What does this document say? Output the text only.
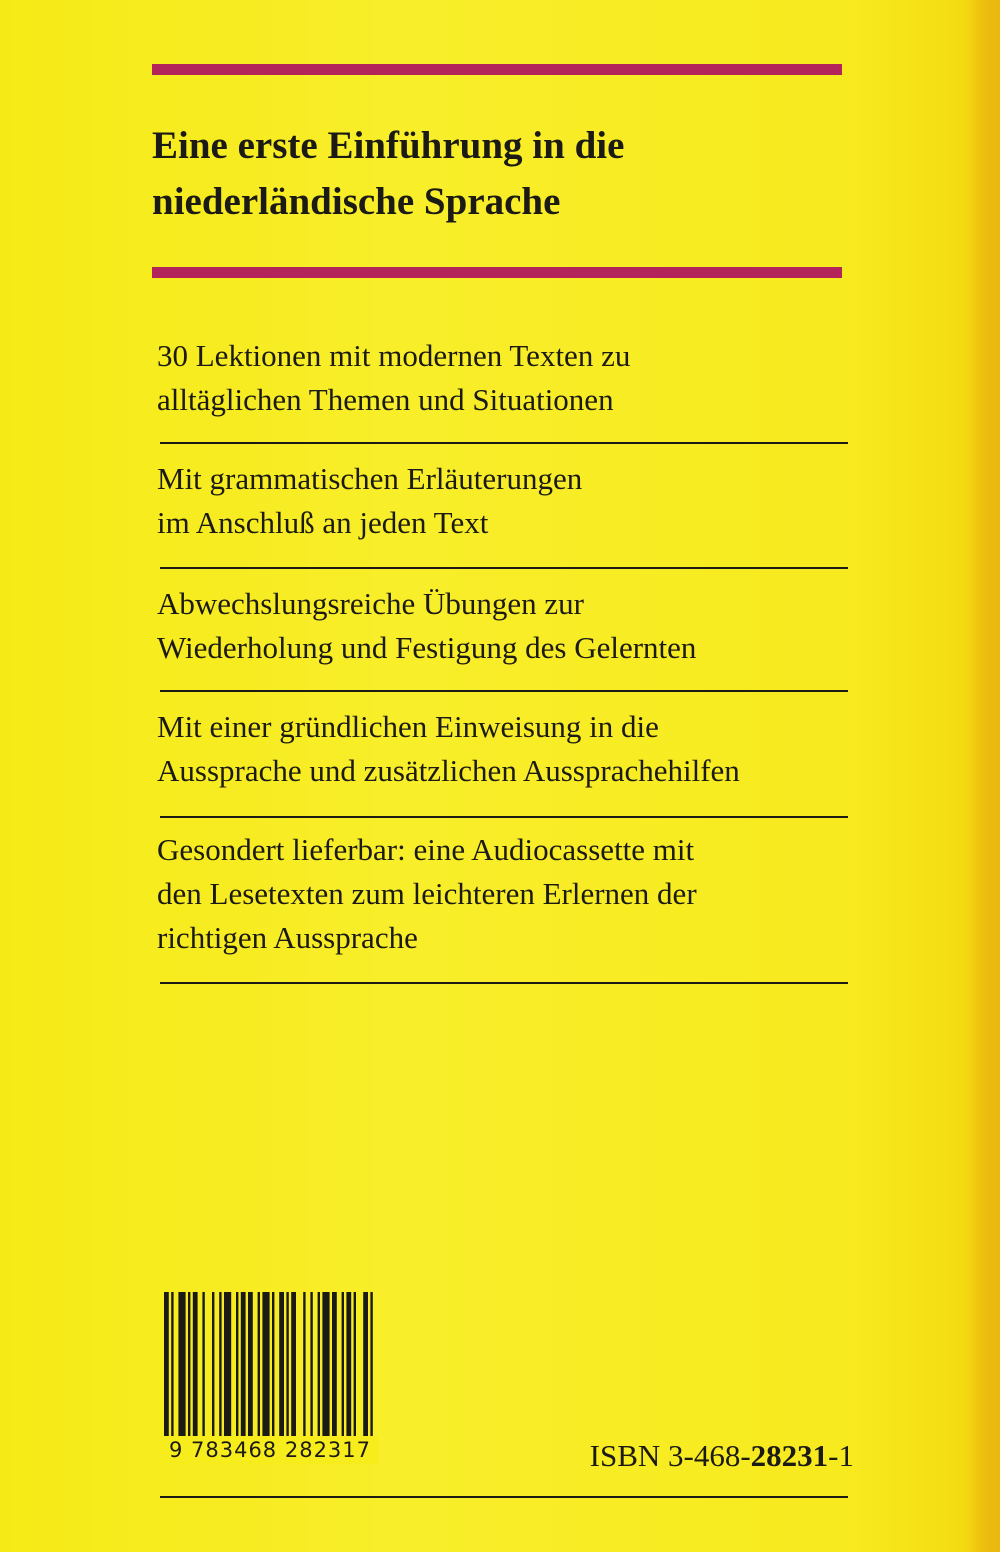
Eine erste Einführung in die
niederländische Sprache

30 Lektionen mit modernen Texten zu
alltäglichen Themen und Situationen

Mit grammatischen Erläuterungen
im Anschluß an jeden Text

Abwechslungsreiche Übungen zur
Wiederholung und Festigung des Gelernten

Mit einer gründlichen Einweisung in die
Aussprache und zusätzlichen Aussprachehilfen

Gesondert lieferbar: eine Audiocassette mit
den Lesetexten zum leichteren Erlernen der
richtigen Aussprache

9 783468 282317	ISBN 3-468-28231-1
